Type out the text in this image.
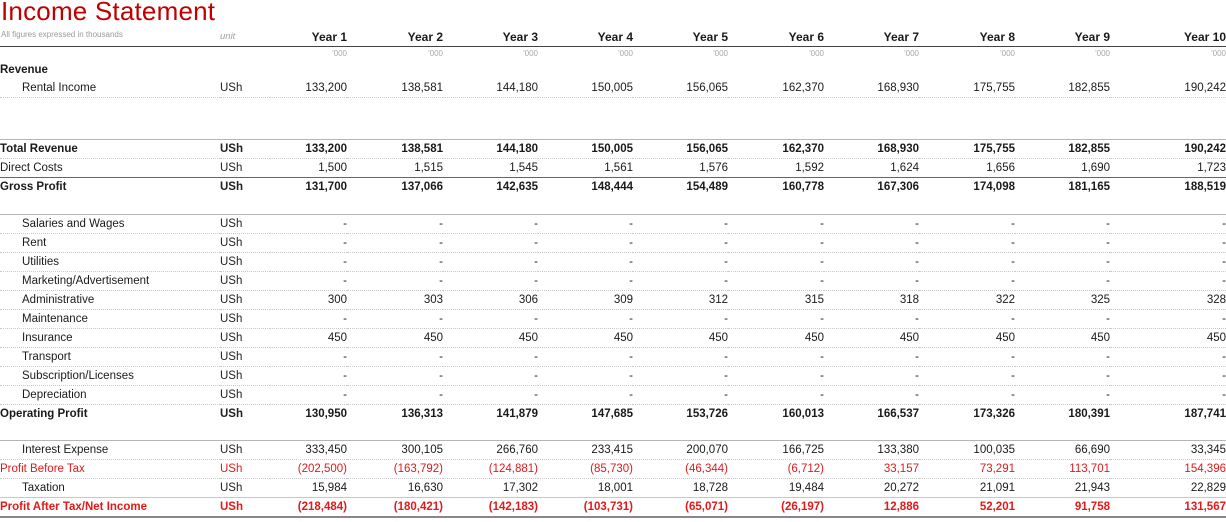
Income Statement
All figures expressed in thousands
		unit	Year 1	Year 2	Year 3	Year 4	Year 5	Year 6	Year 7	Year 8	Year 9	Year 10
		'000	'000	'000	'000	'000	'000	'000	'000	'000	'000
Revenue											
Rental Income	USh	133,200	138,581	144,180	150,005	156,065	162,370	168,930	175,755	182,855	190,242

Total Revenue	USh	133,200	138,581	144,180	150,005	156,065	162,370	168,930	175,755	182,855	190,242
Direct Costs	USh	1,500	1,515	1,545	1,561	1,576	1,592	1,624	1,656	1,690	1,723
Gross Profit	USh	131,700	137,066	142,635	148,444	154,489	160,778	167,306	174,098	181,165	188,519

Salaries and Wages	USh	-	-	-	-	-	-	-	-	-	-
Rent	USh	-	-	-	-	-	-	-	-	-	-
Utilities	USh	-	-	-	-	-	-	-	-	-	-
Marketing/Advertisement	USh	-	-	-	-	-	-	-	-	-	-
Administrative	USh	300	303	306	309	312	315	318	322	325	328
Maintenance	USh	-	-	-	-	-	-	-	-	-	-
Insurance	USh	450	450	450	450	450	450	450	450	450	450
Transport	USh	-	-	-	-	-	-	-	-	-	-
Subscription/Licenses	USh	-	-	-	-	-	-	-	-	-	-
Depreciation	USh	-	-	-	-	-	-	-	-	-	-
Operating Profit	USh	130,950	136,313	141,879	147,685	153,726	160,013	166,537	173,326	180,391	187,741

Interest Expense	USh	333,450	300,105	266,760	233,415	200,070	166,725	133,380	100,035	66,690	33,345
Profit Before Tax	USh	(202,500)	(163,792)	(124,881)	(85,730)	(46,344)	(6,712)	33,157	73,291	113,701	154,396
Taxation	USh	15,984	16,630	17,302	18,001	18,728	19,484	20,272	21,091	21,943	22,829
Profit After Tax/Net Income	USh	(218,484)	(180,421)	(142,183)	(103,731)	(65,071)	(26,197)	12,886	52,201	91,758	131,567
